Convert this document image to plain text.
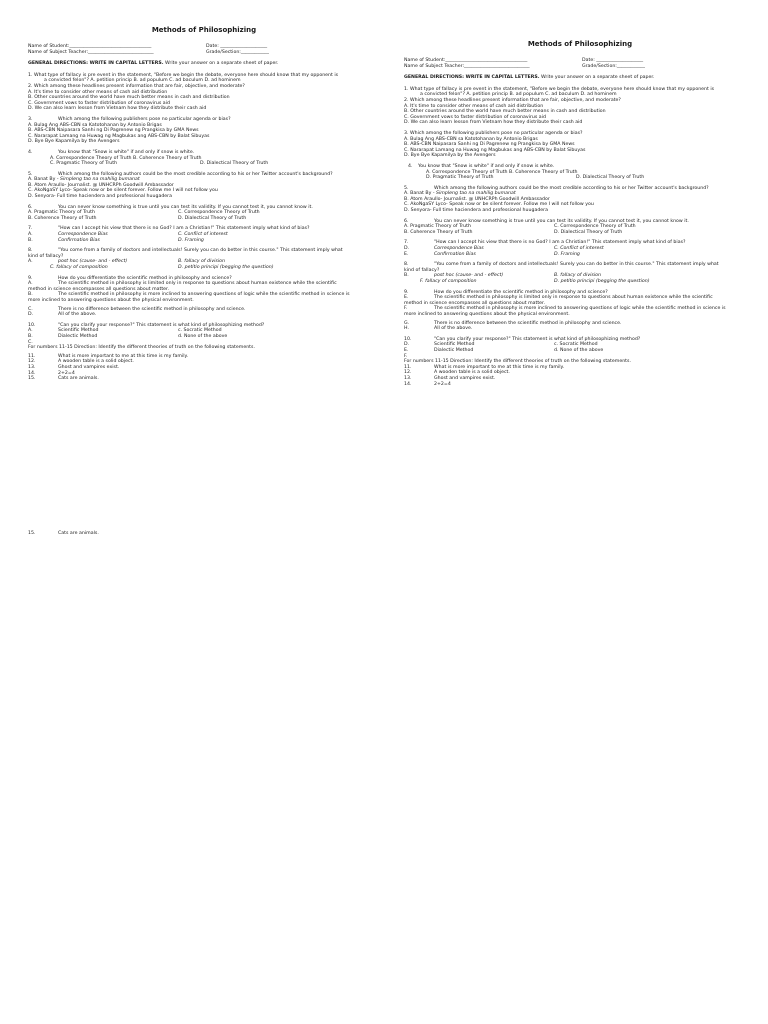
Methods of Philosophizing
Name of Student:___________________________________	Date: ____________________
Name of Subject Teacher:____________________________	Grade/Section:____________
GENERAL DIRECTIONS: WRITE IN CAPITAL LETTERS. Write your answer on a separate sheet of paper.
1. What type of fallacy is pre event in the statement, "Before we begin the debate, everyone here should know that my opponent is
a convicted felon"? A. petition princip B. ad populum C. ad baculum D. ad hominem
2. Which among these headlines present information that are fair, objective, and moderate?
A. It's time to consider other means of cash aid distribution
B. Other countries around the world have much better means in cash and distribution
C. Government vows to faster distribution of coronavirus aid
D. We can also learn lesson from Vietnam how they distribute their cash aid
3.	Which among the following publishers pose no particular agenda or bias?
A. Bulag Ang ABS-CBN sa Katotohanan by Antonio Brigas
B. ABS-CBN Naipasara Sanhi ng Di Pagrenew ng Prangkisa by GMA News
C. Nararapat Lamang na Huwag ng Magbukas ang ABS-CBN by Balat Sibuyas
D. Bye Bye Kapamilya by the Avengers
4.	You know that "Snow is white" if and only if snow is white.
A. Correspondence Theory of Truth B. Coherence Theory of Truth
C. Pragmatic Theory of Truth	D. Dialectical Theory of Truth
5.	Which among the following authors could be the most credible according to his or her Twitter account's background?
A. Banat By - Simpleng tao na mahilig bumanat
B. Atom Araullo- Journalist. @ UNHCRPh Goodwill Ambassador
C. AkoNgaSY Lyco- Speak now or be silent forever. Follow me I will not follow you
D. Senyora- Full time haciendera and professional huugadera
6.	You can never know something is true until you can test its validity. If you cannot test it, you cannot know it.
A. Pragmatic Theory of Truth	C. Correspondence Theory of Truth
B. Coherence Theory of Truth	D. Dialectical Theory of Truth
7.	"How can I accept his view that there is no God? I am a Christian!" This statement imply what kind of bias?
A.	Correspondence Bias	C. Conflict of interest
B.	Confirmation Bias	D. Framing
8.	"You come from a family of doctors and intellectuals! Surely you can do better in this course." This statement imply what
kind of fallacy?
A.	post hoc (cause- and - effect)	B. fallacy of division
C. fallacy of composition	D. petitio principi (begging the question)
9.	How do you differentiate the scientific method in philosophy and science?
A.	The scientific method in philosophy is limited only in response to questions about human existence while the scientific
method in science encompasses all questions about matter.
B.	The scientific method in philosophy is more inclined to answering questions of logic while the scientific method in science is
more inclined to answering questions about the physical environment.
C.	There is no difference between the scientific method in philosophy and science.
D.	All of the above.
10.	"Can you clarify your response?" This statement is what kind of philosophizing method?
A.	Scientific Method	c. Socratic Method
B.	Dialectic Method	d. None of the above
C.
For numbers 11-15 Direction: Identify the different theories of truth on the following statements.
11.	What is more important to me at this time is my family.
12.	A wooden table is a solid object.
13.	Ghost and vampires exist.
14.	2+2=4
15.	Cats are animals.
15.	Cats are animals.
Methods of Philosophizing
Name of Student:___________________________________	Date: ____________________
Name of Subject Teacher:____________________________	Grade/Section:____________
GENERAL DIRECTIONS: WRITE IN CAPITAL LETTERS. Write your answer on a separate sheet of paper.
1. What type of fallacy is pre event in the statement, "Before we begin the debate, everyone here should know that my opponent is
a convicted felon"? A. petition princip B. ad populum C. ad baculum D. ad hominem
2. Which among these headlines present information that are fair, objective, and moderate?
A. It's time to consider other means of cash aid distribution
B. Other countries around the world have much better means in cash and distribution
C. Government vows to faster distribution of coronavirus aid
D. We can also learn lesson from Vietnam how they distribute their cash aid
3. Which among the following publishers pose no particular agenda or bias?
A. Bulag Ang ABS-CBN sa Katotohanan by Antonio Brigas
B. ABS-CBN Naipasara Sanhi ng Di Pagrenew ng Prangkisa by GMA News
C. Nararapat Lamang na Huwag ng Magbukas ang ABS-CBN by Balat Sibuyas
D. Bye Bye Kapamilya by the Avengers
4.	You know that "Snow is white" if and only if snow is white.
A. Correspondence Theory of Truth B. Coherence Theory of Truth
D. Pragmatic Theory of Truth	D. Dialectical Theory of Truth
5.	Which among the following authors could be the most credible according to his or her Twitter account's background?
A. Banat By - Simpleng tao na mahilig bumanat
B. Atom Araullo- Journalist. @ UNHCRPh Goodwill Ambassador
C. AkoNgaSY Lyco- Speak now or be silent forever. Follow me I will not follow you
D. Senyora- Full time haciendera and professional huugadera
6.	You can never know something is true until you can test its validity. If you cannot test it, you cannot know it.
A. Pragmatic Theory of Truth	C. Correspondence Theory of Truth
B. Coherence Theory of Truth	D. Dialectical Theory of Truth
7.	"How can I accept his view that there is no God? I am a Christian!" This statement imply what kind of bias?
D.	Correspondence Bias	C. Conflict of interest
E.	Confirmation Bias	D. Framing
8.	"You come from a family of doctors and intellectuals! Surely you can do better in this course." This statement imply what
kind of fallacy?
B.	post hoc (cause- and - effect)	B. fallacy of division
F. fallacy of composition	D. petitio principi (begging the question)
9.	How do you differentiate the scientific method in philosophy and science?
E.	The scientific method in philosophy is limited only in response to questions about human existence while the scientific
method in science encompasses all questions about matter.
F.	The scientific method in philosophy is more inclined to answering questions of logic while the scientific method in science is
more inclined to answering questions about the physical environment.
G.	There is no difference between the scientific method in philosophy and science.
H.	All of the above.
10.	"Can you clarify your response?" This statement is what kind of philosophizing method?
D.	Scientific Method	c. Socratic Method
E.	Dialectic Method	d. None of the above
F.
For numbers 11-15 Direction: Identify the different theories of truth on the following statements.
11.	What is more important to me at this time is my family.
12.	A wooden table is a solid object.
13.	Ghost and vampires exist.
14.	2+2=4
